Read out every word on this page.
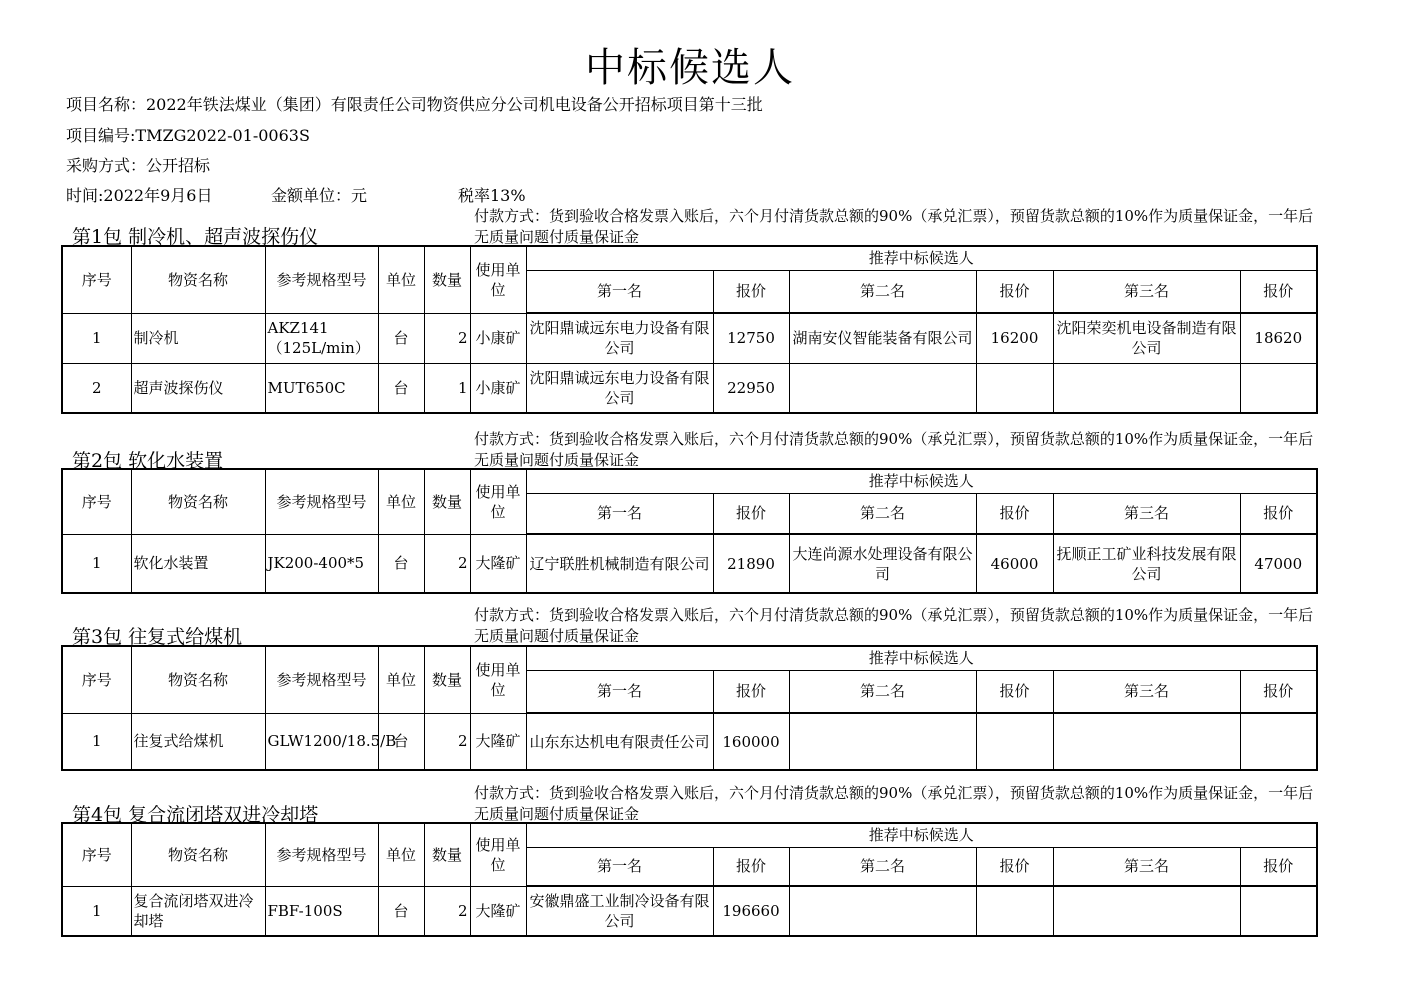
中标候选人
项目名称：2022年铁法煤业（集团）有限责任公司物资供应分公司机电设备公开招标项目第十三批
项目编号:TMZG2022-01-0063S
采购方式：公开招标
时间:2022年9月6日	金额单位：元	税率13%
第1包 制冷机、超声波探伤仪
付款方式：货到验收合格发票入账后，六个月付清货款总额的90%（承兑汇票），预留货款总额的10%作为质量保证金，一年后无质量问题付质量保证金
序号	物资名称	参考规格型号	单位	数量	使用单位	推荐中标候选人					
						第一名	报价	第二名	报价	第三名	报价
1	制冷机	AKZ141（125L/min）	台	2	小康矿	沈阳鼎诚远东电力设备有限公司	12750	湖南安仪智能装备有限公司	16200	沈阳荣奕机电设备制造有限公司	18620
2	超声波探伤仪	MUT650C	台	1	小康矿	沈阳鼎诚远东电力设备有限公司	22950				
第2包 软化水装置
付款方式：货到验收合格发票入账后，六个月付清货款总额的90%（承兑汇票），预留货款总额的10%作为质量保证金，一年后无质量问题付质量保证金
序号	物资名称	参考规格型号	单位	数量	使用单位	推荐中标候选人					
						第一名	报价	第二名	报价	第三名	报价
1	软化水装置	JK200-400*5	台	2	大隆矿	辽宁联胜机械制造有限公司	21890	大连尚源水处理设备有限公司	46000	抚顺正工矿业科技发展有限公司	47000
第3包 往复式给煤机
付款方式：货到验收合格发票入账后，六个月付清货款总额的90%（承兑汇票），预留货款总额的10%作为质量保证金，一年后无质量问题付质量保证金
序号	物资名称	参考规格型号	单位	数量	使用单位	推荐中标候选人					
						第一名	报价	第二名	报价	第三名	报价
1	往复式给煤机	GLW1200/18.5/B	台	2	大隆矿	山东东达机电有限责任公司	160000				
第4包 复合流闭塔双进冷却塔
付款方式：货到验收合格发票入账后，六个月付清货款总额的90%（承兑汇票），预留货款总额的10%作为质量保证金，一年后无质量问题付质量保证金
序号	物资名称	参考规格型号	单位	数量	使用单位	推荐中标候选人					
						第一名	报价	第二名	报价	第三名	报价
1	复合流闭塔双进冷却塔	FBF-100S	台	2	大隆矿	安徽鼎盛工业制冷设备有限公司	196660				
